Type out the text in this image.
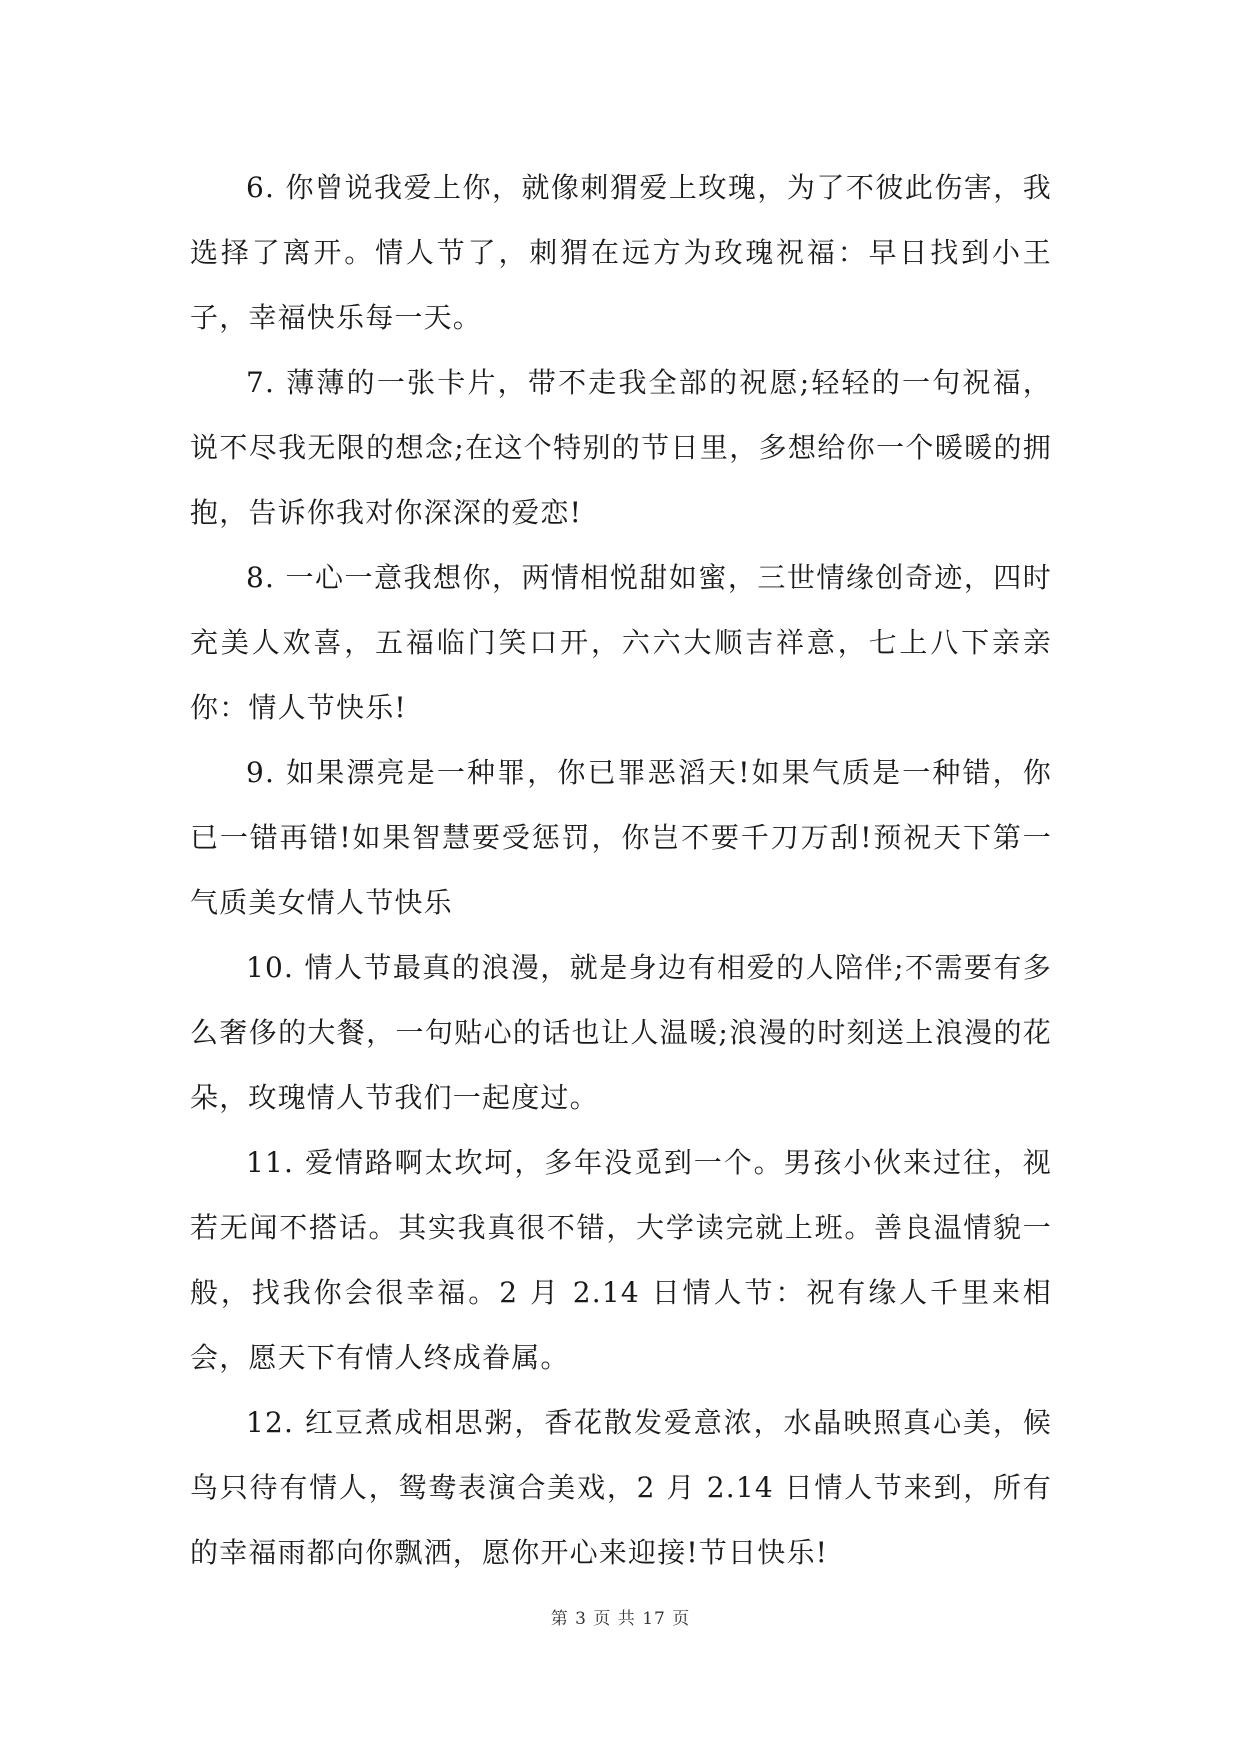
6. 你曾说我爱上你，就像刺猬爱上玫瑰，为了不彼此伤害，我选择了离开。情人节了，刺猬在远方为玫瑰祝福：早日找到小王子，幸福快乐每一天。

7. 薄薄的一张卡片，带不走我全部的祝愿;轻轻的一句祝福，说不尽我无限的想念;在这个特别的节日里，多想给你一个暖暖的拥抱，告诉你我对你深深的爱恋!

8. 一心一意我想你，两情相悦甜如蜜，三世情缘创奇迹，四时充美人欢喜，五福临门笑口开，六六大顺吉祥意，七上八下亲亲你：情人节快乐!

9. 如果漂亮是一种罪，你已罪恶滔天!如果气质是一种错，你已一错再错!如果智慧要受惩罚，你岂不要千刀万刮!预祝天下第一气质美女情人节快乐

10. 情人节最真的浪漫，就是身边有相爱的人陪伴;不需要有多么奢侈的大餐，一句贴心的话也让人温暖;浪漫的时刻送上浪漫的花朵，玫瑰情人节我们一起度过。

11. 爱情路啊太坎坷，多年没觅到一个。男孩小伙来过往，视若无闻不搭话。其实我真很不错，大学读完就上班。善良温情貌一般，找我你会很幸福。2 月 2.14 日情人节：祝有缘人千里来相会，愿天下有情人终成眷属。

12. 红豆煮成相思粥，香花散发爱意浓，水晶映照真心美，候鸟只待有情人，鸳鸯表演合美戏，2 月 2.14 日情人节来到，所有的幸福雨都向你飘洒，愿你开心来迎接!节日快乐!

第 3 页 共 17 页
